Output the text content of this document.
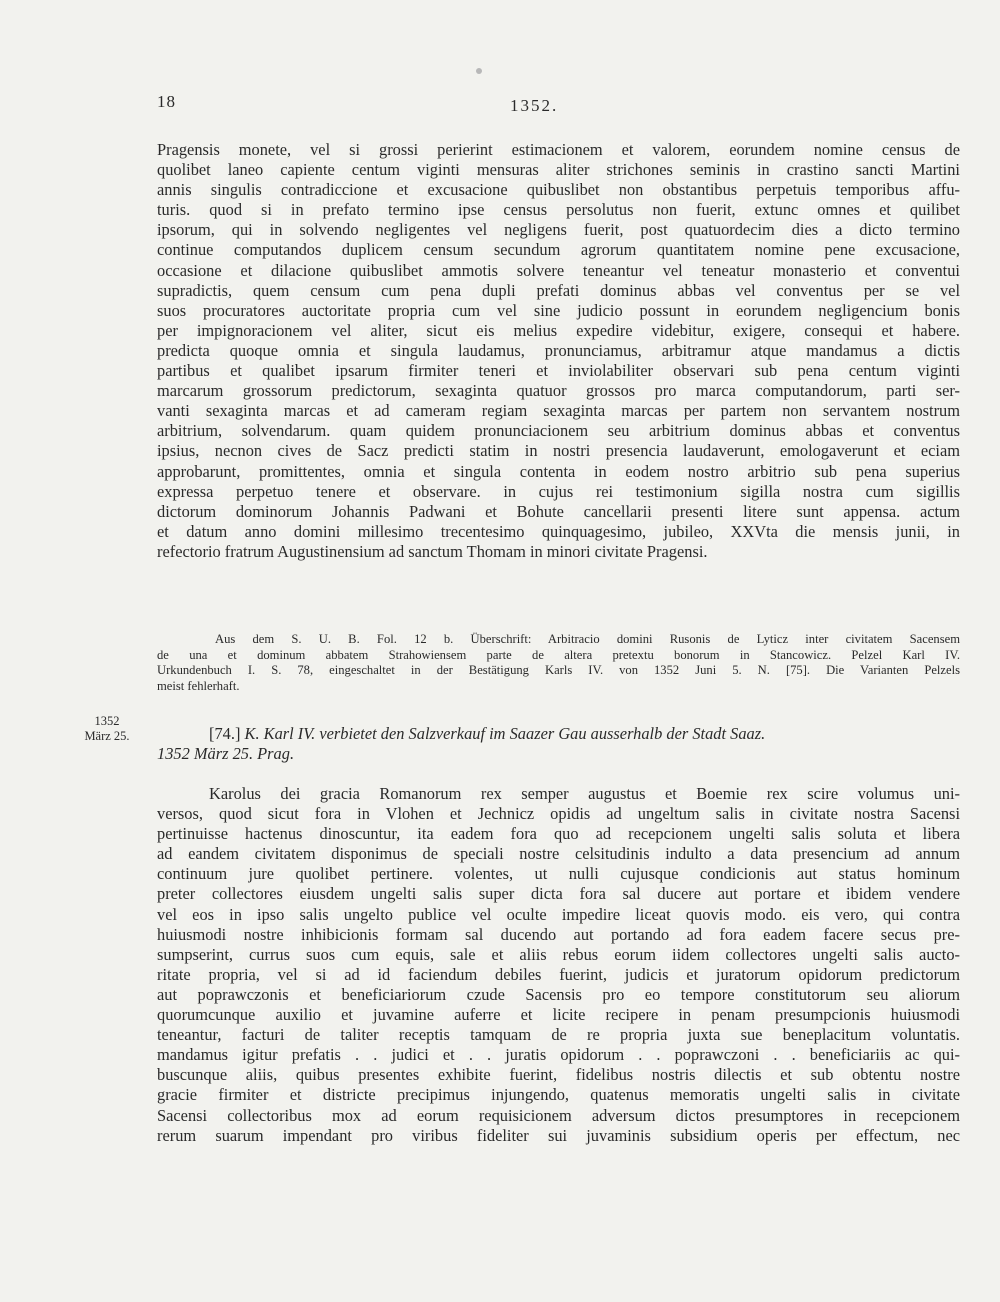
18	1352.
Pragensis monete, vel si grossi perierint estimacionem et valorem, eorundem nomine census de
quolibet laneo capiente centum viginti mensuras aliter strichones seminis in crastino sancti Martini
annis singulis contradiccione et excusacione quibuslibet non obstantibus perpetuis temporibus affu-
turis. quod si in prefato termino ipse census persolutus non fuerit, extunc omnes et quilibet
ipsorum, qui in solvendo negligentes vel negligens fuerit, post quatuordecim dies a dicto termino
continue computandos duplicem censum secundum agrorum quantitatem nomine pene excusacione,
occasione et dilacione quibuslibet ammotis solvere teneantur vel teneatur monasterio et conventui
supradictis, quem censum cum pena dupli prefati dominus abbas vel conventus per se vel
suos procuratores auctoritate propria cum vel sine judicio possunt in eorundem negligencium bonis
per impignoracionem vel aliter, sicut eis melius expedire videbitur, exigere, consequi et habere.
predicta quoque omnia et singula laudamus, pronunciamus, arbitramur atque mandamus a dictis
partibus et qualibet ipsarum firmiter teneri et inviolabiliter observari sub pena centum viginti
marcarum grossorum predictorum, sexaginta quatuor grossos pro marca computandorum, parti ser-
vanti sexaginta marcas et ad cameram regiam sexaginta marcas per partem non servantem nostrum
arbitrium, solvendarum. quam quidem pronunciacionem seu arbitrium dominus abbas et conventus
ipsius, necnon cives de Sacz predicti statim in nostri presencia laudaverunt, emologaverunt et eciam
approbarunt, promittentes, omnia et singula contenta in eodem nostro arbitrio sub pena superius
expressa perpetuo tenere et observare. in cujus rei testimonium sigilla nostra cum sigillis
dictorum dominorum Johannis Padwani et Bohute cancellarii presenti litere sunt appensa. actum
et datum anno domini millesimo trecentesimo quinquagesimo, jubileo, XXVta die mensis junii, in
refectorio fratrum Augustinensium ad sanctum Thomam in minori civitate Pragensi.
Aus dem S. U. B. Fol. 12 b. Überschrift: Arbitracio domini Rusonis de Lyticz inter civitatem Sacensem
de una et dominum abbatem Strahowiensem parte de altera pretextu bonorum in Stancowicz. Pelzel Karl IV.
Urkundenbuch I. S. 78, eingeschaltet in der Bestätigung Karls IV. von 1352 Juni 5. N. [75]. Die Varianten Pelzels
meist fehlerhaft.
1352
März 25.	[74.] K. Karl IV. verbietet den Salzverkauf im Saazer Gau ausserhalb der Stadt Saaz.
1352 März 25. Prag.
Karolus dei gracia Romanorum rex semper augustus et Boemie rex scire volumus uni-
versos, quod sicut fora in Vlohen et Jechnicz opidis ad ungeltum salis in civitate nostra Sacensi
pertinuisse hactenus dinoscuntur, ita eadem fora quo ad recepcionem ungelti salis soluta et libera
ad eandem civitatem disponimus de speciali nostre celsitudinis indulto a data presencium ad annum
continuum jure quolibet pertinere. volentes, ut nulli cujusque condicionis aut status hominum
preter collectores eiusdem ungelti salis super dicta fora sal ducere aut portare et ibidem vendere
vel eos in ipso salis ungelto publice vel oculte impedire liceat quovis modo. eis vero, qui contra
huiusmodi nostre inhibicionis formam sal ducendo aut portando ad fora eadem facere secus pre-
sumpserint, currus suos cum equis, sale et aliis rebus eorum iidem collectores ungelti salis aucto-
ritate propria, vel si ad id faciendum debiles fuerint, judicis et juratorum opidorum predictorum
aut poprawczonis et beneficiariorum czude Sacensis pro eo tempore constitutorum seu aliorum
quorumcunque auxilio et juvamine auferre et licite recipere in penam presumpcionis huiusmodi
teneantur, facturi de taliter receptis tamquam de re propria juxta sue beneplacitum voluntatis.
mandamus igitur prefatis . . judici et . . juratis opidorum . . poprawczoni . . beneficiariis ac qui-
buscunque aliis, quibus presentes exhibite fuerint, fidelibus nostris dilectis et sub obtentu nostre
gracie firmiter et districte precipimus injungendo, quatenus memoratis ungelti salis in civitate
Sacensi collectoribus mox ad eorum requisicionem adversum dictos presumptores in recepcionem
rerum suarum impendant pro viribus fideliter sui juvaminis subsidium operis per effectum, nec
